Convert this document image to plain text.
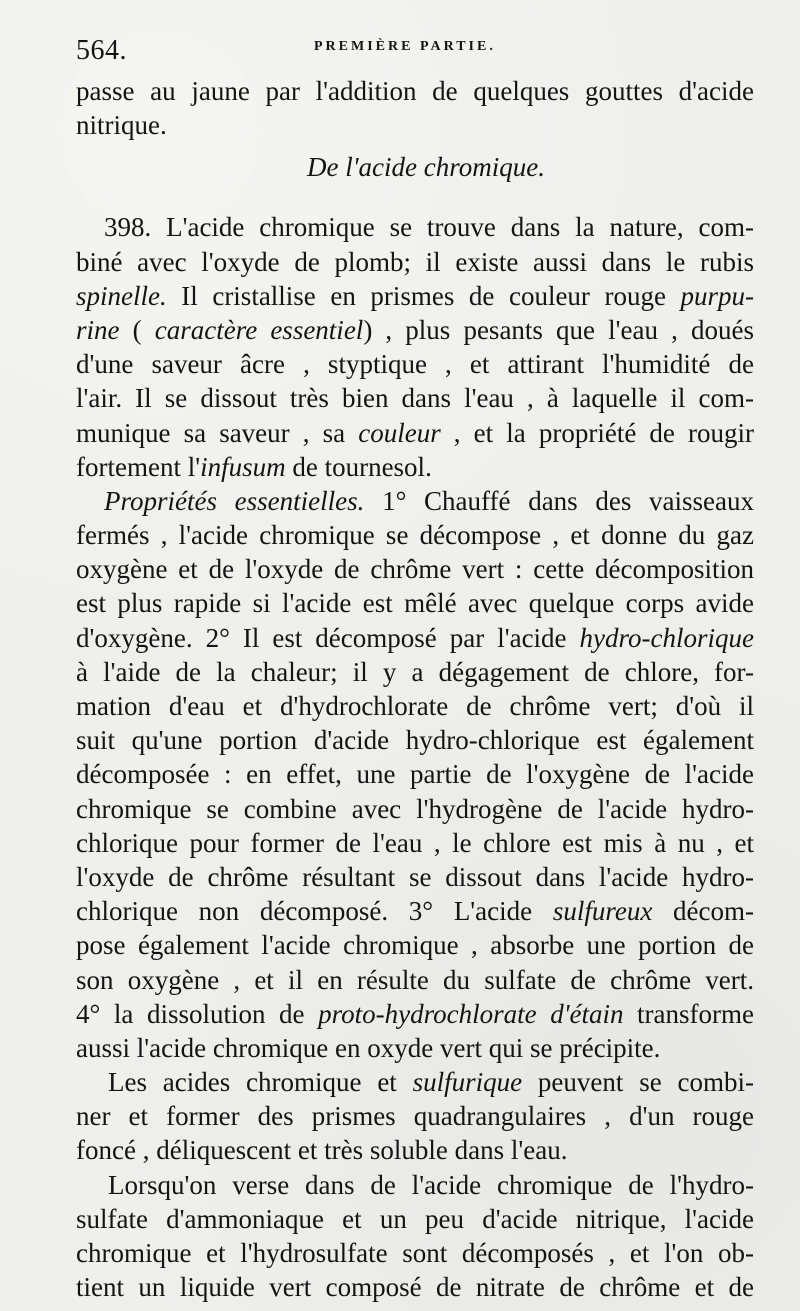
564.	PREMIÈRE PARTIE.
passe au jaune par l'addition de quelques gouttes d'acide
nitrique.
De l'acide chromique.
398. L'acide chromique se trouve dans la nature, com-
biné avec l'oxyde de plomb; il existe aussi dans le rubis
spinelle. Il cristallise en prismes de couleur rouge purpu-
rine ( caractère essentiel) , plus pesants que l'eau , doués
d'une saveur âcre , styptique , et attirant l'humidité de
l'air. Il se dissout très bien dans l'eau , à laquelle il com-
munique sa saveur , sa couleur , et la propriété de rougir
fortement l'infusum de tournesol.
Propriétés essentielles. 1° Chauffé dans des vaisseaux
fermés , l'acide chromique se décompose , et donne du gaz
oxygène et de l'oxyde de chrôme vert : cette décomposition
est plus rapide si l'acide est mêlé avec quelque corps avide
d'oxygène. 2° Il est décomposé par l'acide hydro-chlorique
à l'aide de la chaleur; il y a dégagement de chlore, for-
mation d'eau et d'hydrochlorate de chrôme vert; d'où il
suit qu'une portion d'acide hydro-chlorique est également
décomposée : en effet, une partie de l'oxygène de l'acide
chromique se combine avec l'hydrogène de l'acide hydro-
chlorique pour former de l'eau , le chlore est mis à nu , et
l'oxyde de chrôme résultant se dissout dans l'acide hydro-
chlorique non décomposé. 3° L'acide sulfureux décom-
pose également l'acide chromique , absorbe une portion de
son oxygène , et il en résulte du sulfate de chrôme vert.
4° la dissolution de proto-hydrochlorate d'étain transforme
aussi l'acide chromique en oxyde vert qui se précipite.
Les acides chromique et sulfurique peuvent se combi-
ner et former des prismes quadrangulaires , d'un rouge
foncé , déliquescent et très soluble dans l'eau.
Lorsqu'on verse dans de l'acide chromique de l'hydro-
sulfate d'ammoniaque et un peu d'acide nitrique, l'acide
chromique et l'hydrosulfate sont décomposés , et l'on ob-
tient un liquide vert composé de nitrate de chrôme et de
